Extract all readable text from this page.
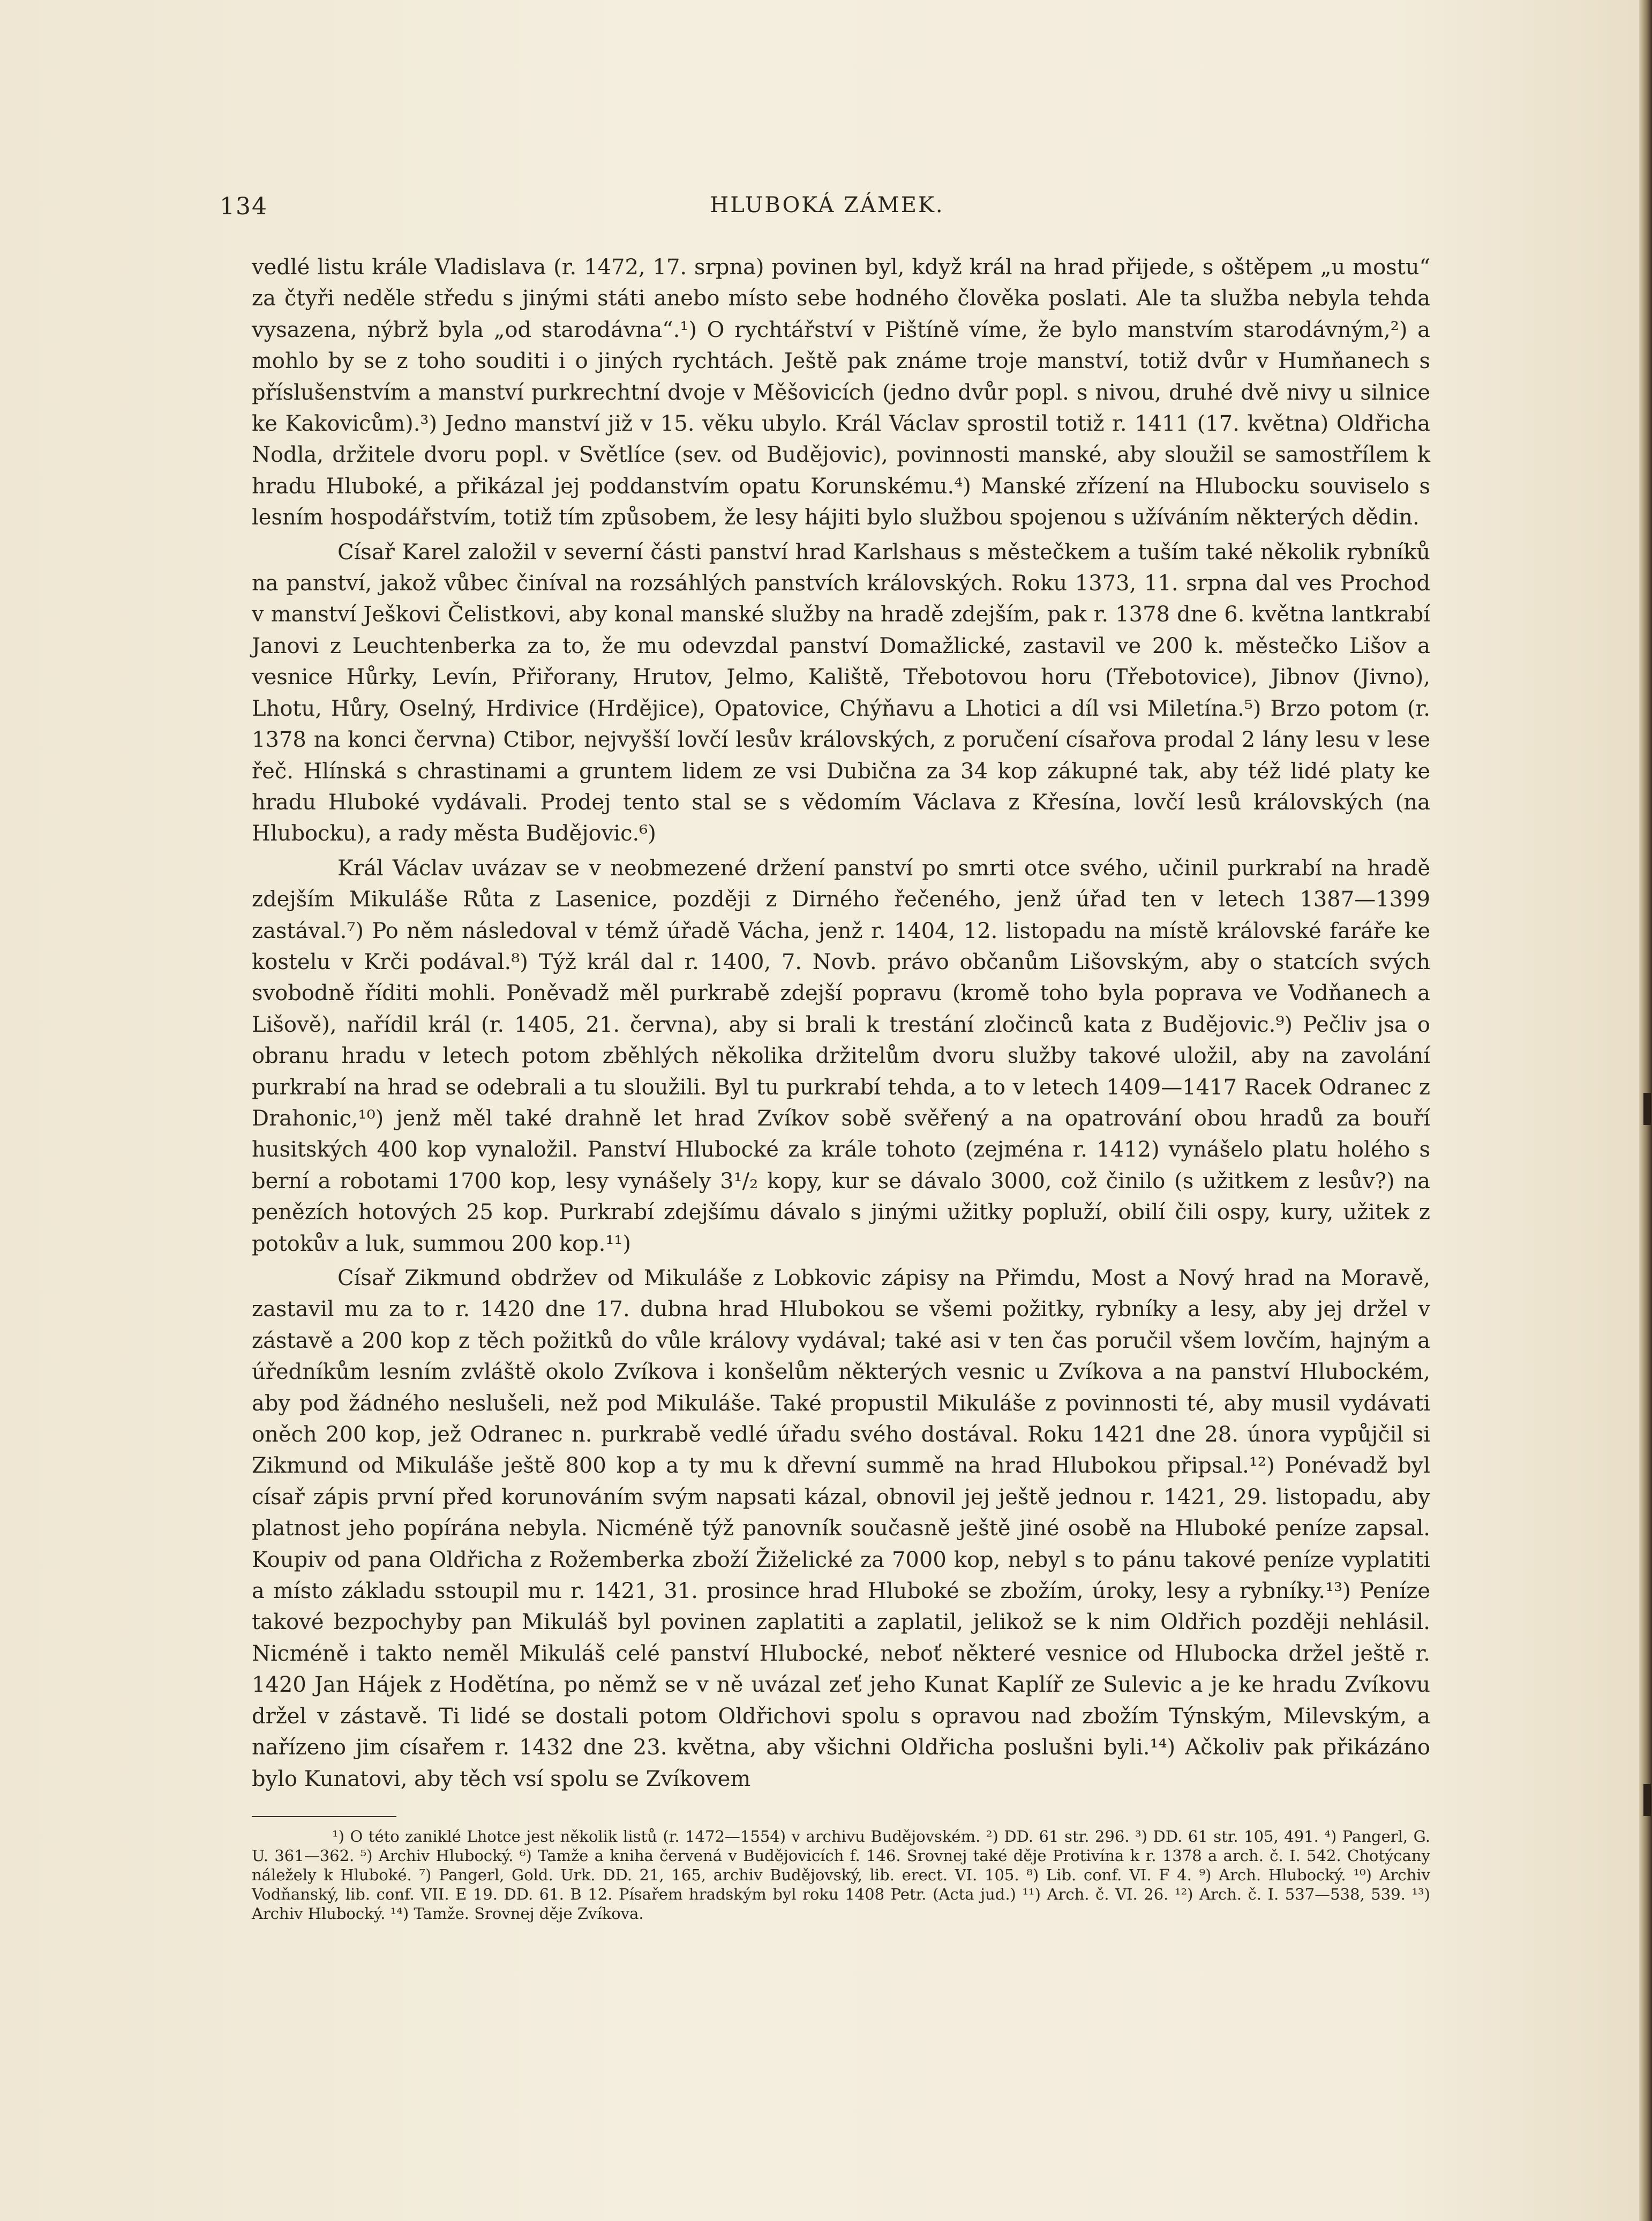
134	HLUBOKÁ ZÁMEK.

vedlé listu krále Vladislava (r. 1472, 17. srpna) povinen byl, když král na hrad přijede, s oštěpem „u mostu“ za čtyři neděle středu s jinými státi anebo místo sebe hodného člověka poslati. Ale ta služba nebyla tehda vysazena, nýbrž byla „od starodávna“.¹) O rychtářství v Pištíně víme, že bylo manstvím starodávným,²) a mohlo by se z toho souditi i o jiných rychtách. Ještě pak známe troje manství, totiž dvůr v Humňanech s příslušenstvím a manství purkrechtní dvoje v Měšovicích (jedno dvůr popl. s nivou, druhé dvě nivy u silnice ke Kakovicům).³) Jedno manství již v 15. věku ubylo. Král Václav sprostil totiž r. 1411 (17. května) Oldřicha Nodla, držitele dvoru popl. v Světlíce (sev. od Budějovic), povinnosti manské, aby sloužil se samostřílem k hradu Hluboké, a přikázal jej poddanstvím opatu Korunskému.⁴) Manské zřízení na Hlubocku souviselo s lesním hospodářstvím, totiž tím způsobem, že lesy hájiti bylo službou spojenou s užíváním některých dědin.

Císař Karel založil v severní části panství hrad Karlshaus s městečkem a tuším také několik rybníků na panství, jakož vůbec činíval na rozsáhlých panstvích královských. Roku 1373, 11. srpna dal ves Prochod v manství Ješkovi Čelistkovi, aby konal manské služby na hradě zdejším, pak r. 1378 dne 6. května lantkrabí Janovi z Leuchtenberka za to, že mu odevzdal panství Domažlické, zastavil ve 200 k. městečko Lišov a vesnice Hůrky, Levín, Přiřorany, Hrutov, Jelmo, Kaliště, Třebotovou horu (Třebotovice), Jibnov (Jivno), Lhotu, Hůry, Oselný, Hrdivice (Hrdějice), Opatovice, Chýňavu a Lhotici a díl vsi Miletína.⁵) Brzo potom (r. 1378 na konci června) Ctibor, nejvyšší lovčí lesův královských, z poručení císařova prodal 2 lány lesu v lese řeč. Hlínská s chrastinami a gruntem lidem ze vsi Dubična za 34 kop zákupné tak, aby též lidé platy ke hradu Hluboké vydávali. Prodej tento stal se s vědomím Václava z Křesína, lovčí lesů královských (na Hlubocku), a rady města Budějovic.⁶)

Král Václav uvázav se v neobmezené držení panství po smrti otce svého, učinil purkrabí na hradě zdejším Mikuláše Růta z Lasenice, později z Dirného řečeného, jenž úřad ten v letech 1387—1399 zastával.⁷) Po něm následoval v témž úřadě Vácha, jenž r. 1404, 12. listopadu na místě královské faráře ke kostelu v Krči podával.⁸) Týž král dal r. 1400, 7. Novb. právo občanům Lišovským, aby o statcích svých svobodně říditi mohli. Poněvadž měl purkrabě zdejší popravu (kromě toho byla poprava ve Vodňanech a Lišově), nařídil král (r. 1405, 21. června), aby si brali k trestání zločinců kata z Budějovic.⁹) Pečliv jsa o obranu hradu v letech potom zběhlých několika držitelům dvoru služby takové uložil, aby na zavolání purkrabí na hrad se odebrali a tu sloužili. Byl tu purkrabí tehda, a to v letech 1409—1417 Racek Odranec z Drahonic,¹⁰) jenž měl také drahně let hrad Zvíkov sobě svěřený a na opatrování obou hradů za bouří husitských 400 kop vynaložil. Panství Hlubocké za krále tohoto (zejména r. 1412) vynášelo platu holého s berní a robotami 1700 kop, lesy vynášely 3¹/₂ kopy, kur se dávalo 3000, což činilo (s užitkem z lesův?) na penězích hotových 25 kop. Purkrabí zdejšímu dávalo s jinými užitky popluží, obilí čili ospy, kury, užitek z potokův a luk, summou 200 kop.¹¹)

Císař Zikmund obdržev od Mikuláše z Lobkovic zápisy na Přimdu, Most a Nový hrad na Moravě, zastavil mu za to r. 1420 dne 17. dubna hrad Hlubokou se všemi požitky, rybníky a lesy, aby jej držel v zástavě a 200 kop z těch požitků do vůle královy vydával; také asi v ten čas poručil všem lovčím, hajným a úředníkům lesním zvláště okolo Zvíkova i konšelům některých vesnic u Zvíkova a na panství Hlubockém, aby pod žádného neslušeli, než pod Mikuláše. Také propustil Mikuláše z povinnosti té, aby musil vydávati oněch 200 kop, jež Odranec n. purkrabě vedlé úřadu svého dostával. Roku 1421 dne 28. února vypůjčil si Zikmund od Mikuláše ještě 800 kop a ty mu k dřevní summě na hrad Hlubokou připsal.¹²) Ponévadž byl císař zápis první před korunováním svým napsati kázal, obnovil jej ještě jednou r. 1421, 29. listopadu, aby platnost jeho popírána nebyla. Nicméně týž panovník současně ještě jiné osobě na Hluboké peníze zapsal. Koupiv od pana Oldřicha z Rožemberka zboží Žiželické za 7000 kop, nebyl s to pánu takové peníze vyplatiti a místo základu sstoupil mu r. 1421, 31. prosince hrad Hluboké se zbožím, úroky, lesy a rybníky.¹³) Peníze takové bezpochyby pan Mikuláš byl povinen zaplatiti a zaplatil, jelikož se k nim Oldřich později nehlásil. Nicméně i takto neměl Mikuláš celé panství Hlubocké, neboť některé vesnice od Hlubocka držel ještě r. 1420 Jan Hájek z Hodětína, po němž se v ně uvázal zeť jeho Kunat Kaplíř ze Sulevic a je ke hradu Zvíkovu držel v zástavě. Ti lidé se dostali potom Oldřichovi spolu s opravou nad zbožím Týnským, Milevským, a nařízeno jim císařem r. 1432 dne 23. května, aby všichni Oldřicha poslušni byli.¹⁴) Ačkoliv pak přikázáno bylo Kunatovi, aby těch vsí spolu se Zvíkovem

¹) O této zaniklé Lhotce jest několik listů (r. 1472—1554) v archivu Budějovském. ²) DD. 61 str. 296. ³) DD. 61 str. 105, 491. ⁴) Pangerl, G. U. 361—362. ⁵) Archiv Hlubocký. ⁶) Tamže a kniha červená v Budějovicích f. 146. Srovnej také děje Protivína k r. 1378 a arch. č. I. 542. Chotýcany náležely k Hluboké. ⁷) Pangerl, Gold. Urk. DD. 21, 165, archiv Budějovský, lib. erect. VI. 105. ⁸) Lib. conf. VI. F 4. ⁹) Arch. Hlubocký. ¹⁰) Archiv Vodňanský, lib. conf. VII. E 19. DD. 61. B 12. Písařem hradským byl roku 1408 Petr. (Acta jud.) ¹¹) Arch. č. VI. 26. ¹²) Arch. č. I. 537—538, 539. ¹³) Archiv Hlubocký. ¹⁴) Tamže. Srovnej děje Zvíkova.
